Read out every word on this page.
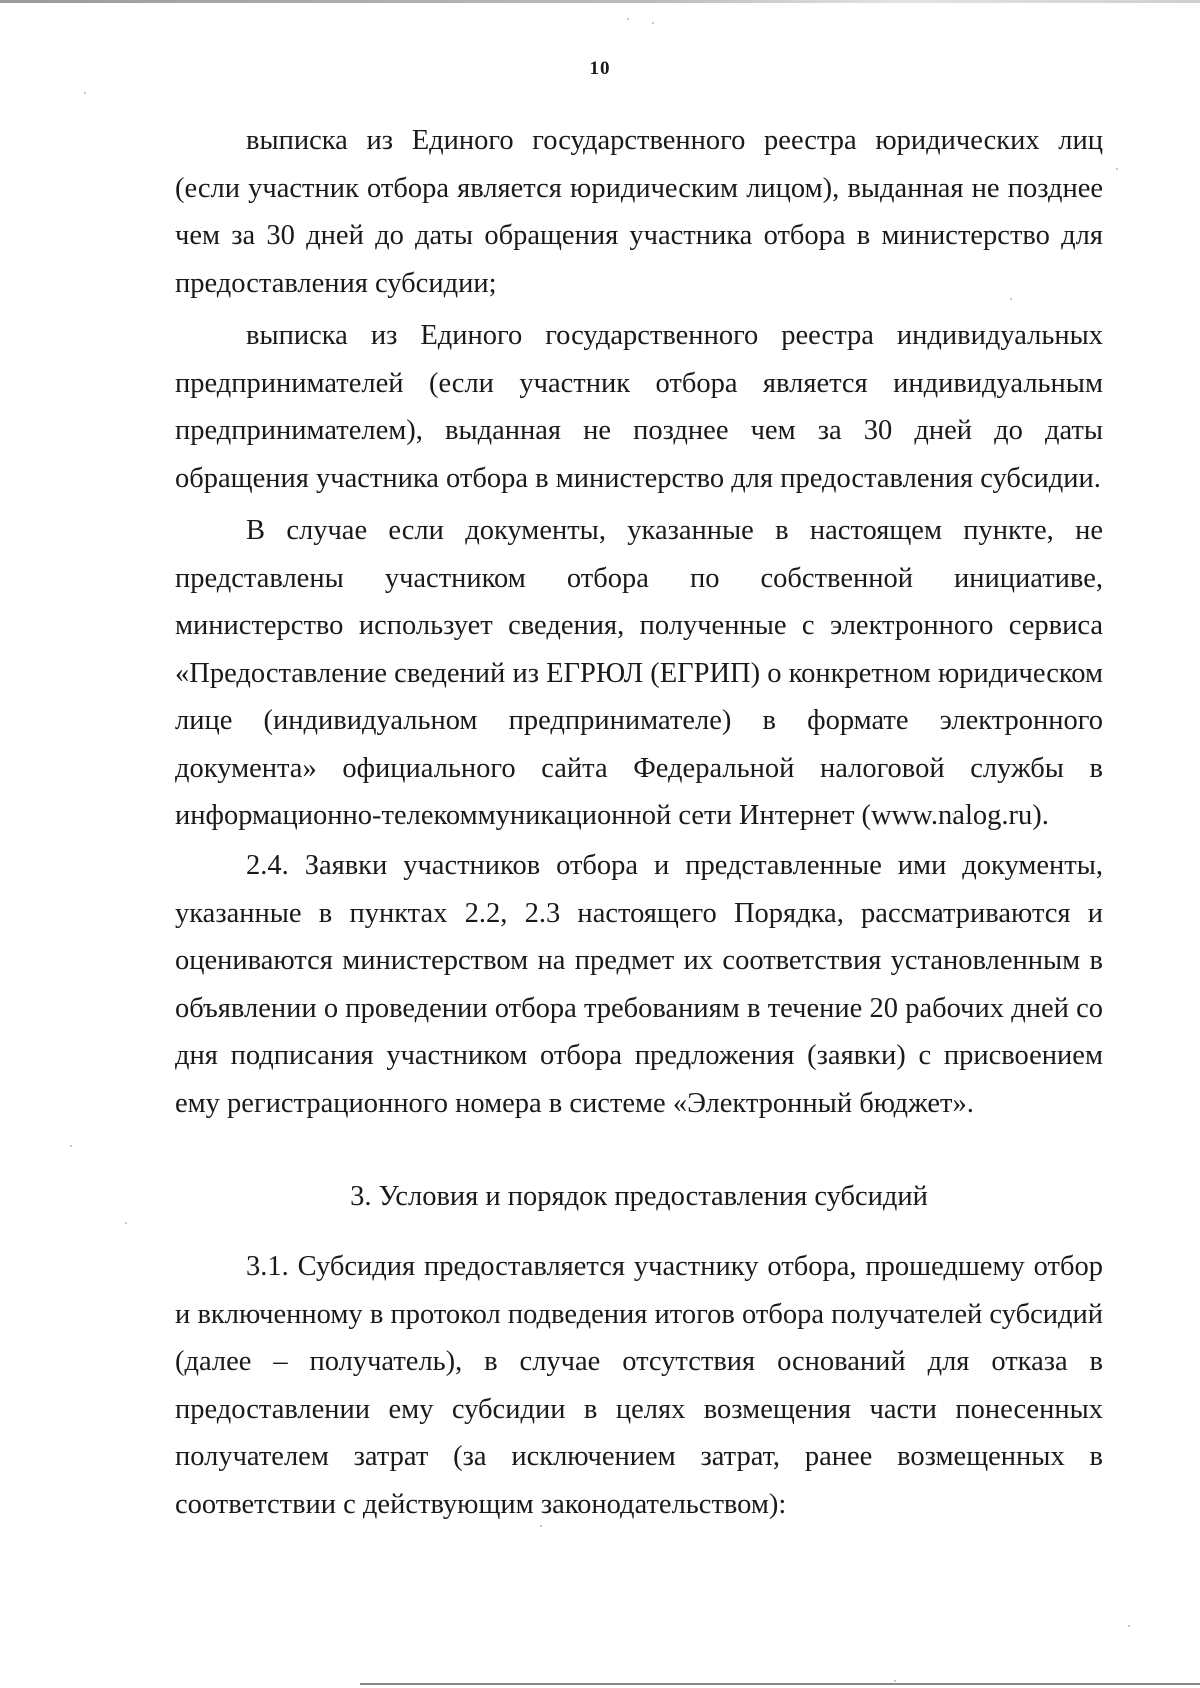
10

выписка из Единого государственного реестра юридических лиц (если участник отбора является юридическим лицом), выданная не позднее чем за 30 дней до даты обращения участника отбора в министерство для предоставления субсидии;

выписка из Единого государственного реестра индивидуальных предпринимателей (если участник отбора является индивидуальным предпринимателем), выданная не позднее чем за 30 дней до даты обращения участника отбора в министерство для предоставления субсидии.

В случае если документы, указанные в настоящем пункте, не представлены участником отбора по собственной инициативе, министерство использует сведения, полученные с электронного сервиса «Предоставление сведений из ЕГРЮЛ (ЕГРИП) о конкретном юридическом лице (индивидуальном предпринимателе) в формате электронного документа» официального сайта Федеральной налоговой службы в информационно-телекоммуникационной сети Интернет (www.nalog.ru).

2.4. Заявки участников отбора и представленные ими документы, указанные в пунктах 2.2, 2.3 настоящего Порядка, рассматриваются и оцениваются министерством на предмет их соответствия установленным в объявлении о проведении отбора требованиям в течение 20 рабочих дней со дня подписания участником отбора предложения (заявки) с присвоением ему регистрационного номера в системе «Электронный бюджет».

3. Условия и порядок предоставления субсидий

3.1. Субсидия предоставляется участнику отбора, прошедшему отбор и включенному в протокол подведения итогов отбора получателей субсидий (далее – получатель), в случае отсутствия оснований для отказа в предоставлении ему субсидии в целях возмещения части понесенных получателем затрат (за исключением затрат, ранее возмещенных в соответствии с действующим законодательством):
